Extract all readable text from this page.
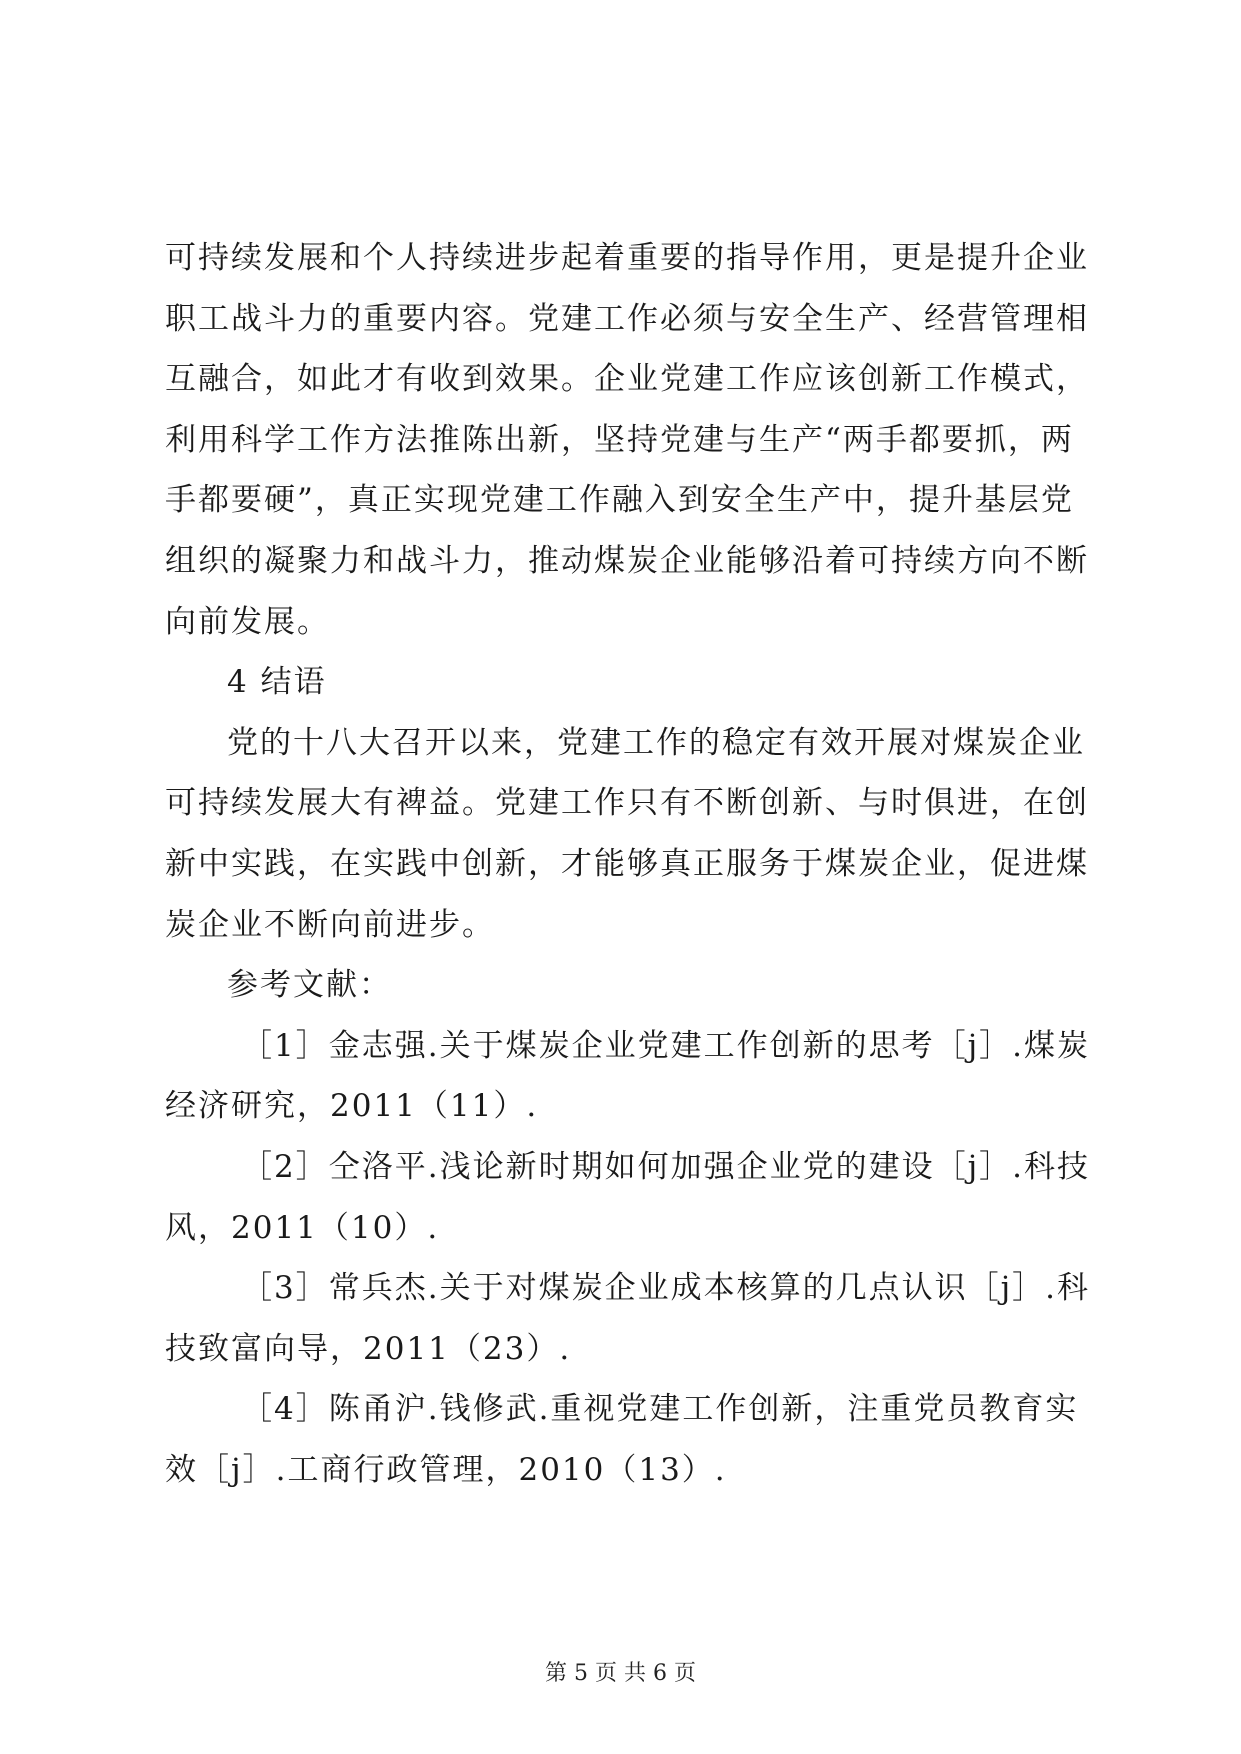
可持续发展和个人持续进步起着重要的指导作用，更是提升企业
职工战斗力的重要内容。党建工作必须与安全生产、经营管理相
互融合，如此才有收到效果。企业党建工作应该创新工作模式，
利用科学工作方法推陈出新，坚持党建与生产“两手都要抓，两
手都要硬”，真正实现党建工作融入到安全生产中，提升基层党
组织的凝聚力和战斗力，推动煤炭企业能够沿着可持续方向不断
向前发展。
4 结语
党的十八大召开以来，党建工作的稳定有效开展对煤炭企业
可持续发展大有裨益。党建工作只有不断创新、与时俱进，在创
新中实践，在实践中创新，才能够真正服务于煤炭企业，促进煤
炭企业不断向前进步。
参考文献：
［1］金志强.关于煤炭企业党建工作创新的思考［j］.煤炭
经济研究，2011（11）.
［2］仝洛平.浅论新时期如何加强企业党的建设［j］.科技
风，2011（10）.
［3］常兵杰.关于对煤炭企业成本核算的几点认识［j］.科
技致富向导，2011（23）.
［4］陈甬沪.钱修武.重视党建工作创新，注重党员教育实
效［j］.工商行政管理，2010（13）.
第 5 页 共 6 页
